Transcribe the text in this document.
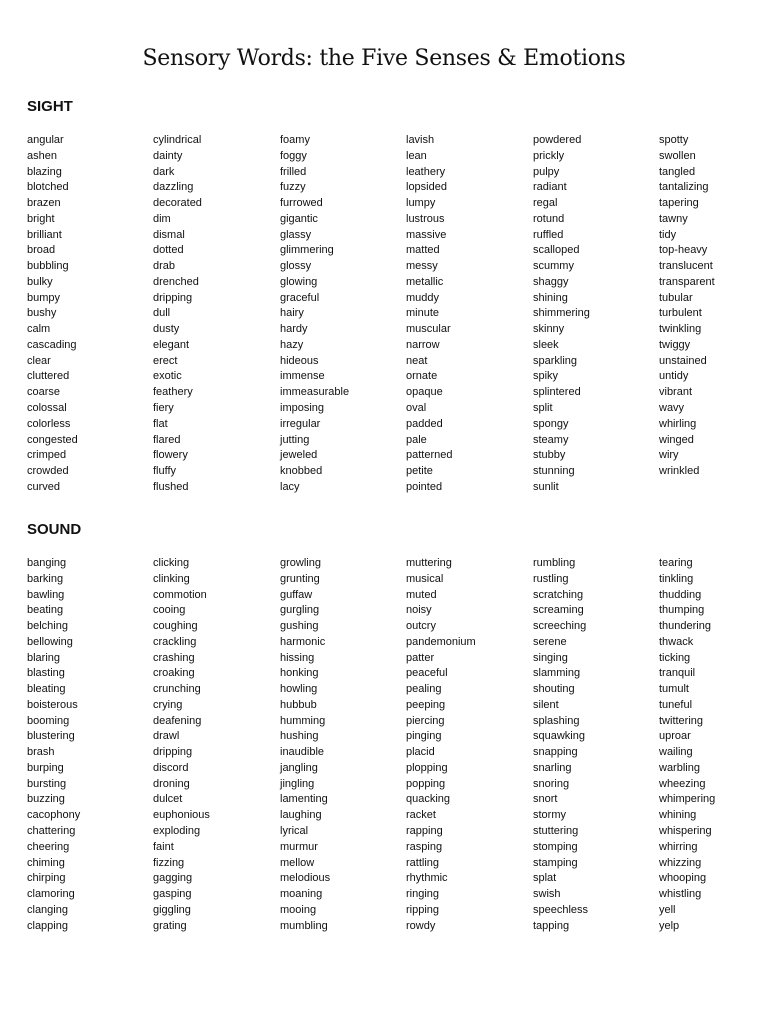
Sensory Words: the Five Senses & Emotions
SIGHT
angular
ashen
blazing
blotched
brazen
bright
brilliant
broad
bubbling
bulky
bumpy
bushy
calm
cascading
clear
cluttered
coarse
colossal
colorless
congested
crimped
crowded
curved
cylindrical
dainty
dark
dazzling
decorated
dim
dismal
dotted
drab
drenched
dripping
dull
dusty
elegant
erect
exotic
feathery
fiery
flat
flared
flowery
fluffy
flushed
foamy
foggy
frilled
fuzzy
furrowed
gigantic
glassy
glimmering
glossy
glowing
graceful
hairy
hardy
hazy
hideous
immense
immeasurable
imposing
irregular
jutting
jeweled
knobbed
lacy
lavish
lean
leathery
lopsided
lumpy
lustrous
massive
matted
messy
metallic
muddy
minute
muscular
narrow
neat
ornate
opaque
oval
padded
pale
patterned
petite
pointed
powdered
prickly
pulpy
radiant
regal
rotund
ruffled
scalloped
scummy
shaggy
shining
shimmering
skinny
sleek
sparkling
spiky
splintered
split
spongy
steamy
stubby
stunning
sunlit
spotty
swollen
tangled
tantalizing
tapering
tawny
tidy
top-heavy
translucent
transparent
tubular
turbulent
twinkling
twiggy
unstained
untidy
vibrant
wavy
whirling
winged
wiry
wrinkled
SOUND
banging
barking
bawling
beating
belching
bellowing
blaring
blasting
bleating
boisterous
booming
blustering
brash
burping
bursting
buzzing
cacophony
chattering
cheering
chiming
chirping
clamoring
clanging
clapping
clicking
clinking
commotion
cooing
coughing
crackling
crashing
croaking
crunching
crying
deafening
drawl
dripping
discord
droning
dulcet
euphonious
exploding
faint
fizzing
gagging
gasping
giggling
grating
growling
grunting
guffaw
gurgling
gushing
harmonic
hissing
honking
howling
hubbub
humming
hushing
inaudible
jangling
jingling
lamenting
laughing
lyrical
murmur
mellow
melodious
moaning
mooing
mumbling
muttering
musical
muted
noisy
outcry
pandemonium
patter
peaceful
pealing
peeping
piercing
pinging
placid
plopping
popping
quacking
racket
rapping
rasping
rattling
rhythmic
ringing
ripping
rowdy
rumbling
rustling
scratching
screaming
screeching
serene
singing
slamming
shouting
silent
splashing
squawking
snapping
snarling
snoring
snort
stormy
stuttering
stomping
stamping
splat
swish
speechless
tapping
tearing
tinkling
thudding
thumping
thundering
thwack
ticking
tranquil
tumult
tuneful
twittering
uproar
wailing
warbling
wheezing
whimpering
whining
whispering
whirring
whizzing
whooping
whistling
yell
yelp
